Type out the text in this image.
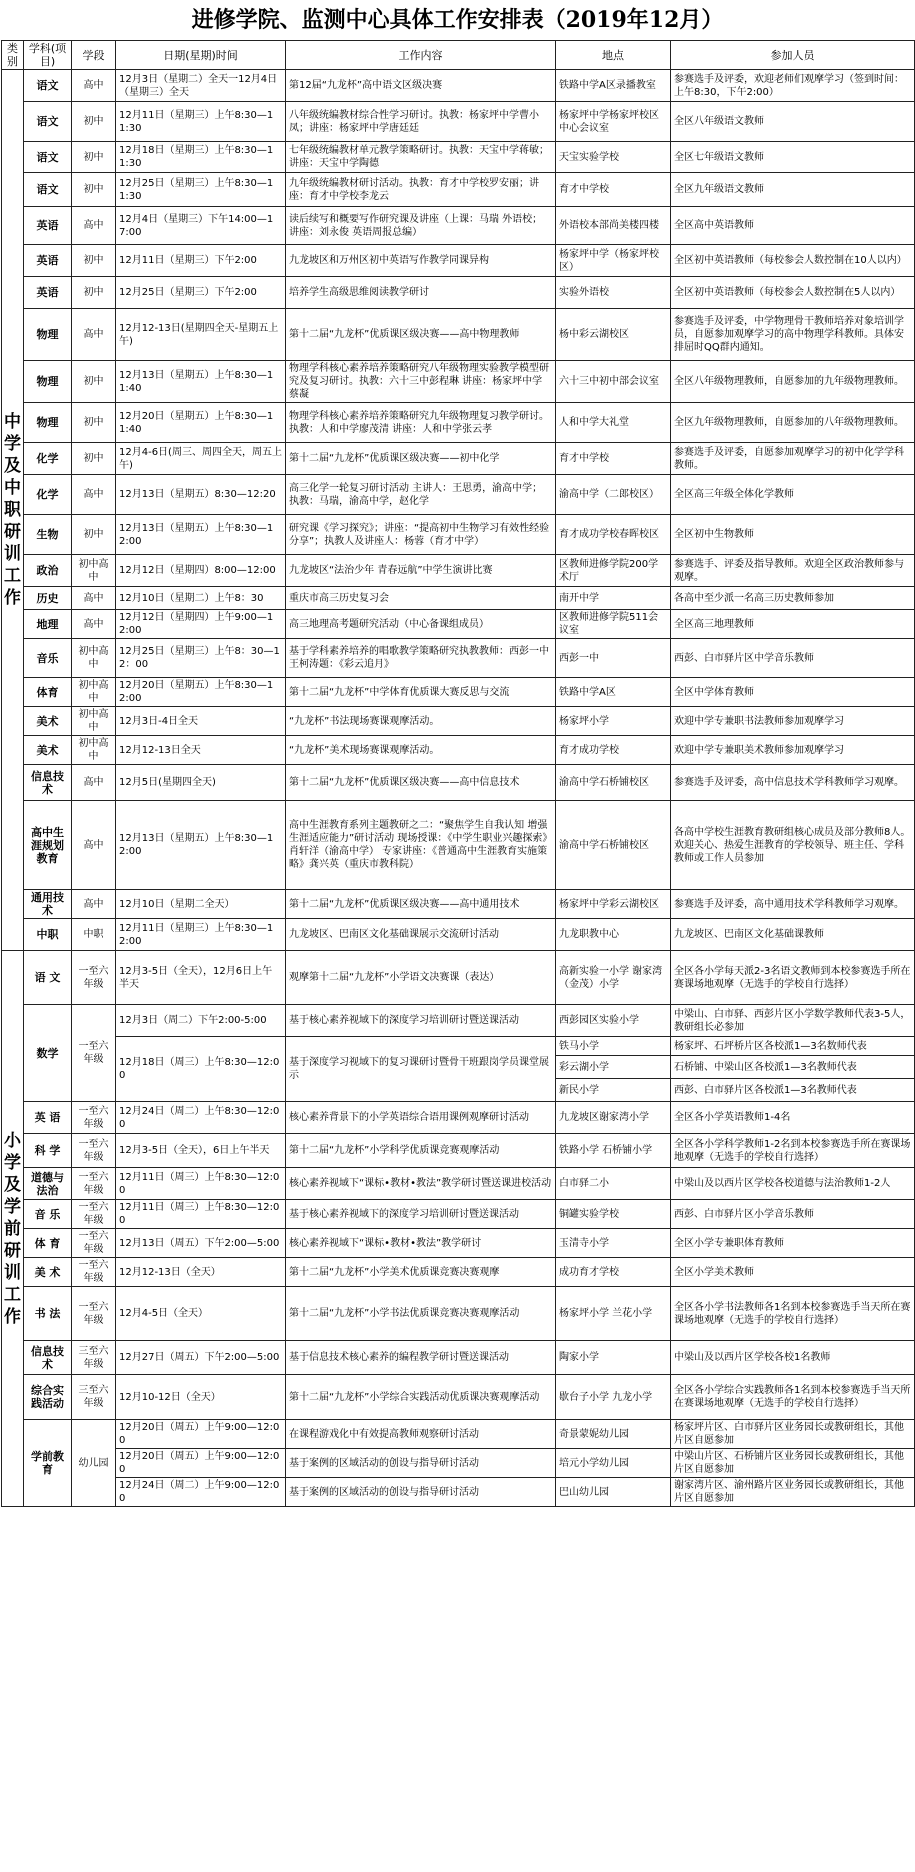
进修学院、监测中心具体工作安排表（2019年12月）
类别	学科(项目)	学段	日期(星期)时间	工作内容	地点	参加人员
中学及中职研训工作	语文	高中	12月3日（星期二）全天一12月4日（星期三）全天	第12届“九龙杯”高中语文区级决赛	铁路中学A区录播教室	参赛选手及评委，欢迎老师们观摩学习（签到时间：上午8:30，下午2:00）
	语文	初中	12月11日（星期三）上午8:30—11:30	八年级统编教材综合性学习研讨。执教：杨家坪中学曹小凤；讲座：杨家坪中学唐廷廷	杨家坪中学杨家坪校区中心会议室	全区八年级语文教师
	语文	初中	12月18日（星期三）上午8:30—11:30	七年级统编教材单元教学策略研讨。执教：天宝中学蒋敏；讲座：天宝中学陶德	天宝实验学校	全区七年级语文教师
	语文	初中	12月25日（星期三）上午8:30—11:30	九年级统编教材研讨活动。执教：育才中学校罗安丽；讲座：育才中学校李龙云	育才中学校	全区九年级语文教师
	英语	高中	12月4日（星期三）下午14:00—17:00	读后续写和概要写作研究课及讲座（上课：马瑞 外语校；讲座：刘永俊 英语周报总编）	外语校本部尚美楼四楼	全区高中英语教师
	英语	初中	12月11日（星期三）下午2:00	九龙坡区和万州区初中英语写作教学同课异构	杨家坪中学（杨家坪校区）	全区初中英语教师（每校参会人数控制在10人以内）
	英语	初中	12月25日（星期三）下午2:00	培养学生高级思维阅读教学研讨	实验外语校	全区初中英语教师（每校参会人数控制在5人以内）
	物理	高中	12月12-13日(星期四全天-星期五上午)	第十二届“九龙杯”优质课区级决赛——高中物理教师	杨中彩云湖校区	参赛选手及评委，中学物理骨干教师培养对象培训学员，自愿参加观摩学习的高中物理学科教师。具体安排屈时QQ群内通知。
	物理	初中	12月13日（星期五）上午8:30—11:40	物理学科核心素养培养策略研究八年级物理实验教学模型研究及复习研讨。执教：六十三中彭程琳 讲座：杨家坪中学蔡凝	六十三中初中部会议室	全区八年级物理教师，自愿参加的九年级物理教师。
	物理	初中	12月20日（星期五）上午8:30—11:40	物理学科核心素养培养策略研究九年级物理复习教学研讨。执教：人和中学廖茂清 讲座：人和中学张云孝	人和中学大礼堂	全区九年级物理教师，自愿参加的八年级物理教师。
	化学	初中	12月4-6日(周三、周四全天，周五上午)	第十二届“九龙杯”优质课区级决赛——初中化学	育才中学校	参赛选手及评委，自愿参加观摩学习的初中化学学科教师。
	化学	高中	12月13日（星期五）8:30—12:20	高三化学一轮复习研讨活动 主讲人：王思勇，渝高中学；执教：马瑞，渝高中学，赵化学	渝高中学（二郎校区）	全区高三年级全体化学教师
	生物	初中	12月13日（星期五）上午8:30—12:00	研究课《学习探究》；讲座：“提高初中生物学习有效性经验分享”；执教人及讲座人：杨蓉（育才中学）	育才成功学校春晖校区	全区初中生物教师
	政治	初中高中	12月12日（星期四）8:00—12:00	九龙坡区“法治少年 青春远航”中学生演讲比赛	区教师进修学院200学术厅	参赛选手、评委及指导教师。欢迎全区政治教师参与观摩。
	历史	高中	12月10日（星期二）上午8：30	重庆市高三历史复习会	南开中学	各高中至少派一名高三历史教师参加
	地理	高中	12月12日（星期四）上午9:00—12:00	高三地理高考题研究活动（中心备课组成员）	区教师进修学院511会议室	全区高三地理教师
	音乐	初中高中	12月25日（星期三）上午8：30—12：00	基于学科素养培养的唱歌教学策略研究执教教师：西彭一中 王柯涛题：《彩云追月》	西彭一中	西彭、白市驿片区中学音乐教师
	体育	初中高中	12月20日（星期五）上午8:30—12:00	第十二届“九龙杯”中学体育优质课大赛反思与交流	铁路中学A区	全区中学体育教师
	美术	初中高中	12月3日-4日全天	“九龙杯”书法现场赛课观摩活动。	杨家坪小学	欢迎中学专兼职书法教师参加观摩学习
	美术	初中高中	12月12-13日全天	“九龙杯”美术现场赛课观摩活动。	育才成功学校	欢迎中学专兼职美术教师参加观摩学习
	信息技术	高中	12月5日(星期四全天)	第十二届“九龙杯”优质课区级决赛——高中信息技术	渝高中学石桥铺校区	参赛选手及评委，高中信息技术学科教师学习观摩。
	高中生涯规划教育	高中	12月13日（星期五）上午8:30—12:00	高中生涯教育系列主题教研之二：“聚焦学生自我认知 增强生涯适应能力”研讨活动 现场授课：《中学生职业兴趣探索》肖轩洋（渝高中学） 专家讲座：《普通高中生涯教育实施策略》龚兴英（重庆市教科院）	渝高中学石桥铺校区	各高中学校生涯教育教研组核心成员及部分教师8人。欢迎关心、热爱生涯教育的学校领导、班主任、学科教师或工作人员参加
	通用技术	高中	12月10日（星期二全天）	第十二届“九龙杯”优质课区级决赛——高中通用技术	杨家坪中学彩云湖校区	参赛选手及评委，高中通用技术学科教师学习观摩。
	中职	中职	12月11日（星期三）上午8:30—12:00	九龙坡区、巴南区文化基础课展示交流研讨活动	九龙职教中心	九龙坡区、巴南区文化基础课教师
小学及学前研训工作	语 文	一至六年级	12月3-5日（全天），12月6日上午半天	观摩第十二届“九龙杯”小学语文决赛课（表达）	高新实验一小学 谢家湾（金茂）小学	全区各小学每天派2-3名语文教师到本校参赛选手所在赛课场地观摩（无选手的学校自行选择）
	数学	一至六年级	12月3日（周二）下午2:00-5:00	基于核心素养视域下的深度学习培训研讨暨送课活动	西彭园区实验小学	中梁山、白市驿、西彭片区小学数学教师代表3-5人，教研组长必参加
			12月18日（周三）上午8:30—12:00	基于深度学习视域下的复习课研讨暨骨干班跟岗学员课堂展示	铁马小学	杨家坪、石坪桥片区各校派1—3名数师代表
					彩云湖小学	石桥铺、中梁山区各校派1—3名教师代表
					新民小学	西彭、白市驿片区各校派1—3名教师代表
	英 语	一至六年级	12月24日（周二）上午8:30—12:00	核心素养背景下的小学英语综合语用课例观摩研讨活动	九龙坡区谢家湾小学	全区各小学英语教师1-4名
	科 学	一至六年级	12月3-5日（全天），6日上午半天	第十二届“九龙杯”小学科学优质课竞赛观摩活动	铁路小学 石桥铺小学	全区各小学科学教师1-2名到本校参赛选手所在赛课场地观摩（无选手的学校自行选择）
	道德与法治	一至六年级	12月11日（周三）上午8:30—12:00	核心素养视域下“课标•教材•教法”教学研讨暨送课进校活动	白市驿二小	中梁山及以西片区学校各校道德与法治教师1-2人
	音 乐	一至六年级	12月11日（周三）上午8:30—12:00	基于核心素养视域下的深度学习培训研讨暨送课活动	铜罐实验学校	西彭、白市驿片区小学音乐教师
	体 育	一至六年级	12月13日（周五）下午2:00—5:00	核心素养视域下“课标•教材•教法”教学研讨	玉清寺小学	全区小学专兼职体育教师
	美 术	一至六年级	12月12-13日（全天）	第十二届“九龙杯”小学美术优质课竞赛决赛观摩	成功育才学校	全区小学美术教师
	书 法	一至六年级	12月4-5日（全天）	第十二届“九龙杯”小学书法优质课竞赛决赛观摩活动	杨家坪小学 兰花小学	全区各小学书法教师各1名到本校参赛选手当天所在赛课场地观摩（无选手的学校自行选择）
	信息技术	三至六年级	12月27日（周五）下午2:00—5:00	基于信息技术核心素养的编程教学研讨暨送课活动	陶家小学	中梁山及以西片区学校各校1名教师
	综合实践活动	三至六年级	12月10-12日（全天）	第十二届“九龙杯”小学综合实践活动优质课决赛观摩活动	歇台子小学 九龙小学	全区各小学综合实践教师各1名到本校参赛选手当天所在赛课场地观摩（无选手的学校自行选择）
	学前教育	幼儿园	12月20日（周五）上午9:00—12:00	在课程游戏化中有效提高教师观察研讨活动	奇景蒙妮幼儿园	杨家坪片区、白市驿片区业务园长或教研组长，其他片区自愿参加
			12月20日（周五）上午9:00—12:00	基于案例的区域活动的创设与指导研讨活动	培元小学幼儿园	中梁山片区、石桥铺片区业务园长或教研组长，其他片区自愿参加
			12月24日（周二）上午9:00—12:00	基于案例的区域活动的创设与指导研讨活动	巴山幼儿园	谢家湾片区、渝州路片区业务园长或教研组长，其他片区自愿参加
